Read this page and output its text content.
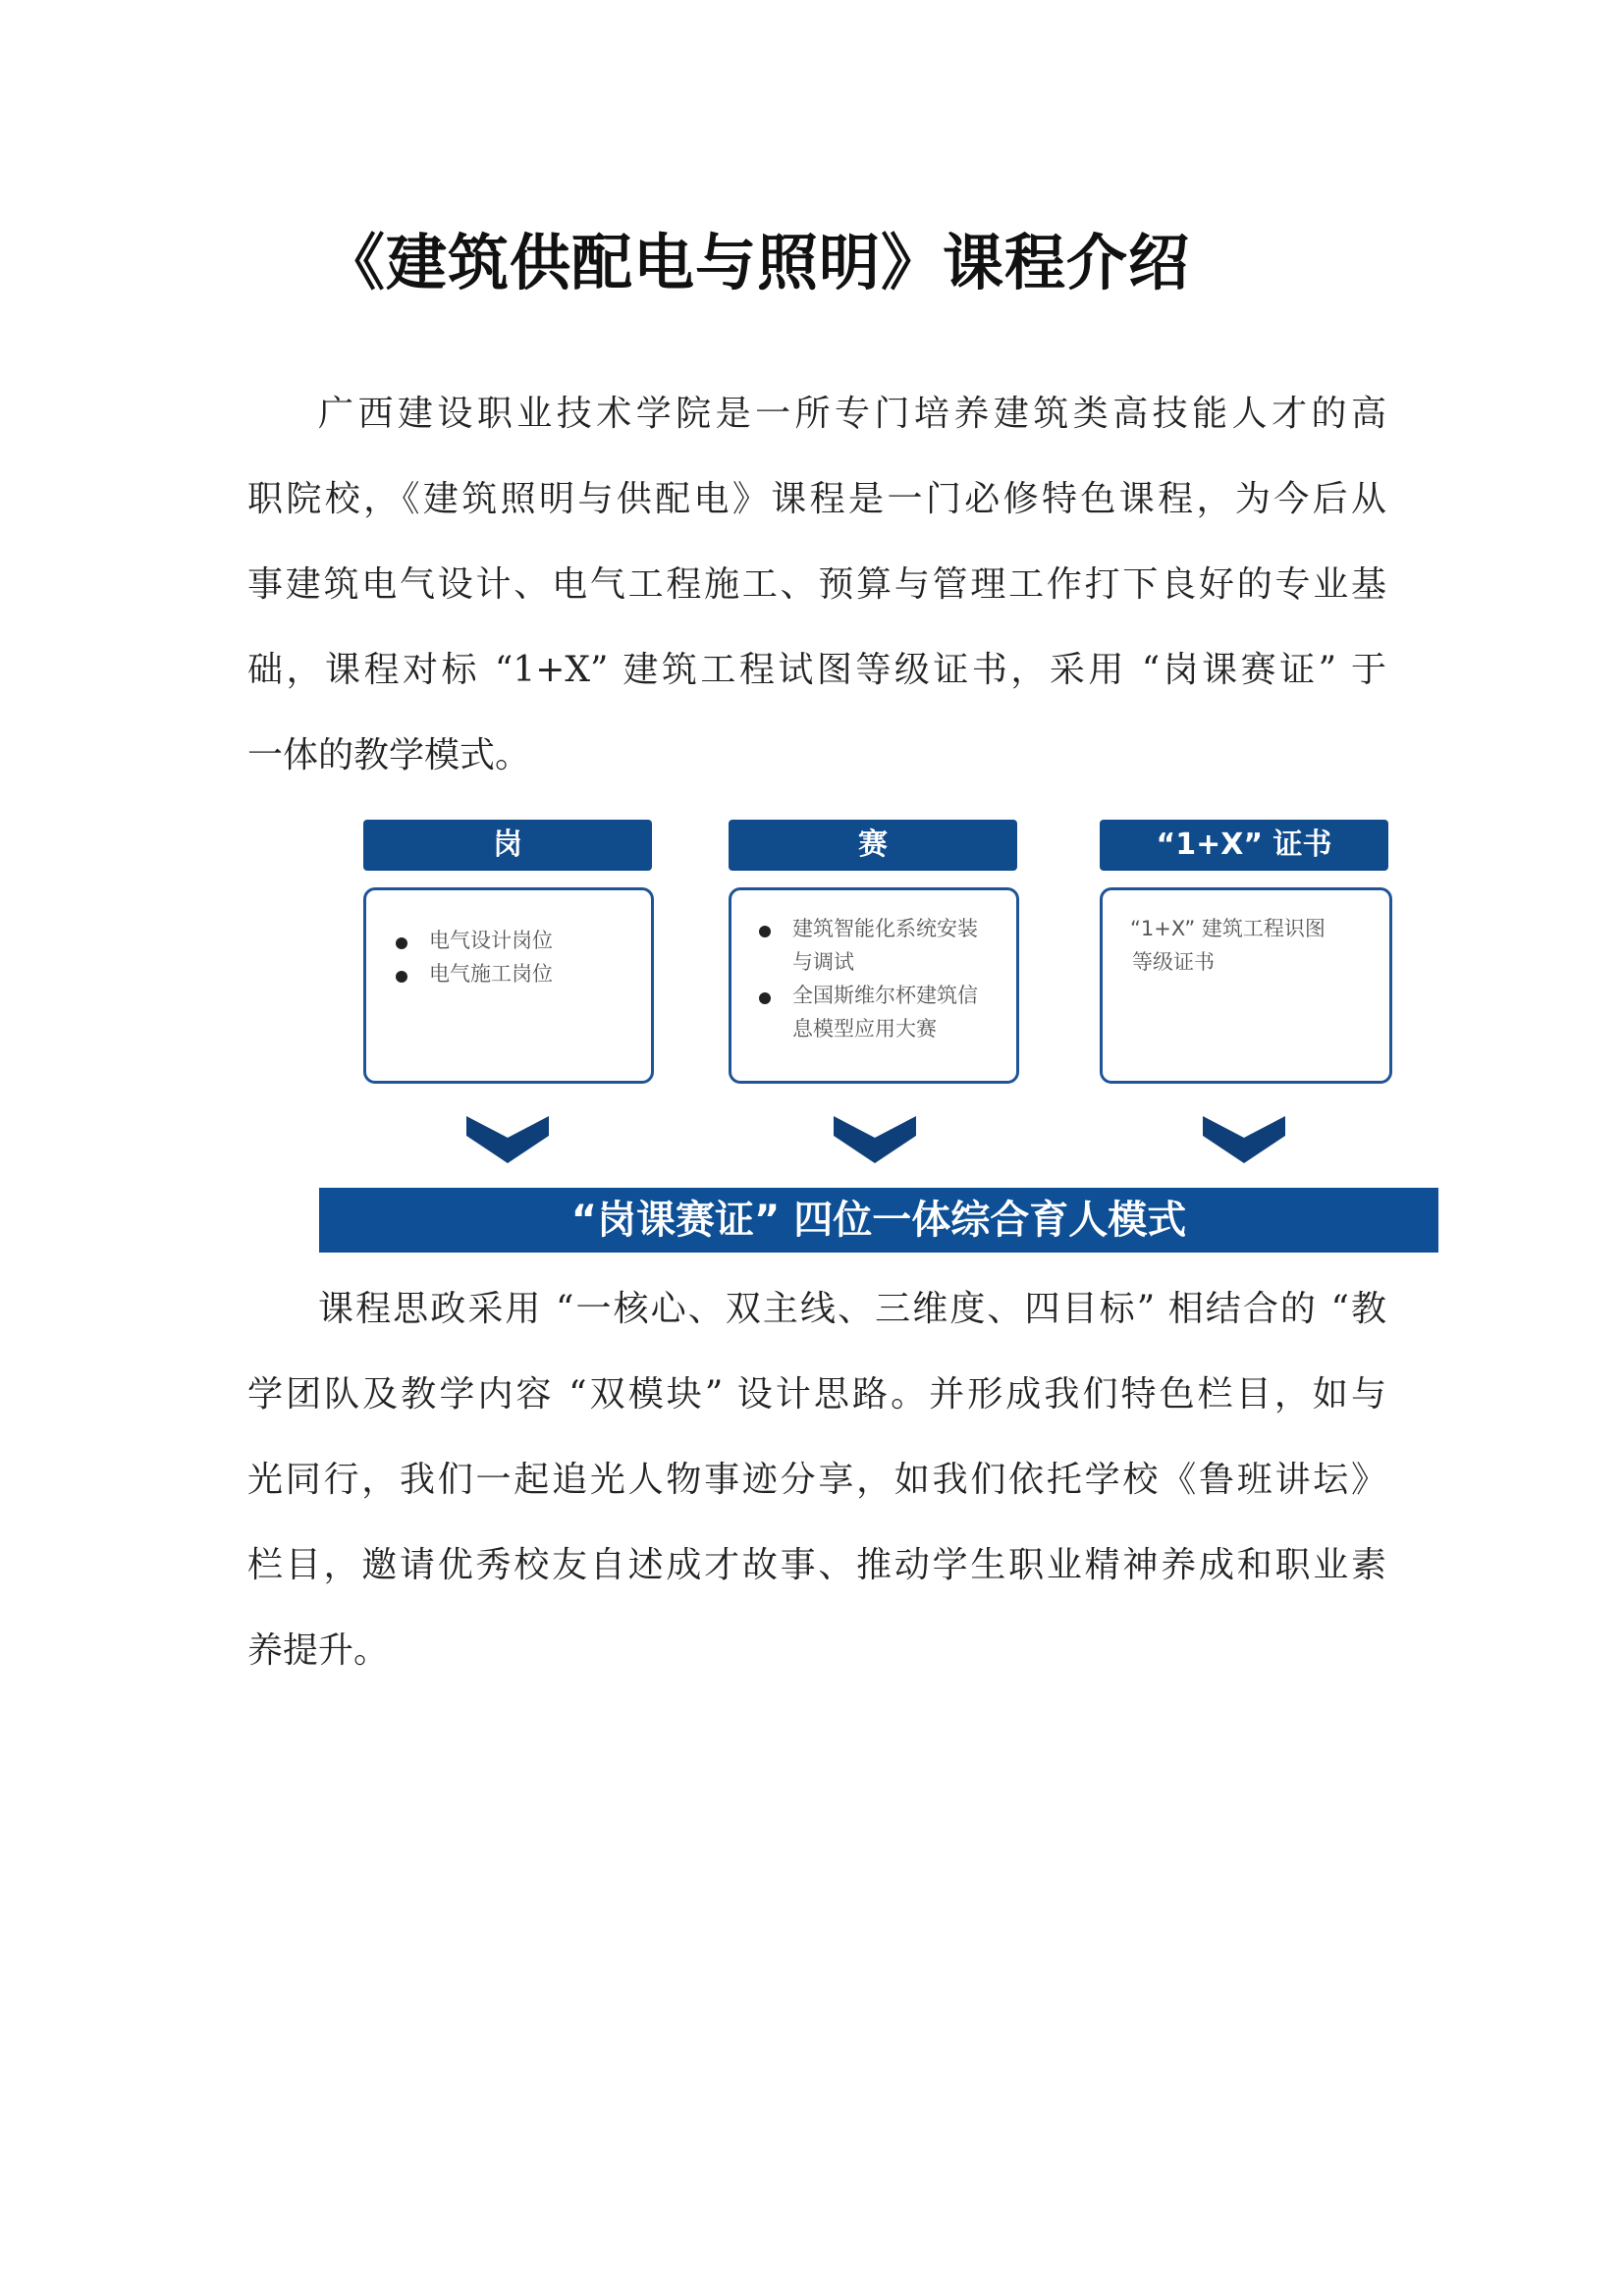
《建筑供配电与照明》课程介绍
广西建设职业技术学院是一所专门培养建筑类高技能人才的高
职院校，《建筑照明与供配电》课程是一门必修特色课程，为今后从
事建筑电气设计、电气工程施工、预算与管理工作打下良好的专业基
础，课程对标 “1+X” 建筑工程试图等级证书，采用 “岗课赛证” 于
一体的教学模式。
岗
电气设计岗位
电气施工岗位
赛
建筑智能化系统安装
与调试
全国斯维尔杯建筑信
息模型应用大赛
“1+X” 证书
“1+X” 建筑工程识图
等级证书
“岗课赛证” 四位一体综合育人模式
课程思政采用 “一核心、双主线、三维度、四目标” 相结合的 “教
学团队及教学内容 “双模块” 设计思路。并形成我们特色栏目，如与
光同行，我们一起追光人物事迹分享，如我们依托学校《鲁班讲坛》
栏目，邀请优秀校友自述成才故事、推动学生职业精神养成和职业素
养提升。
